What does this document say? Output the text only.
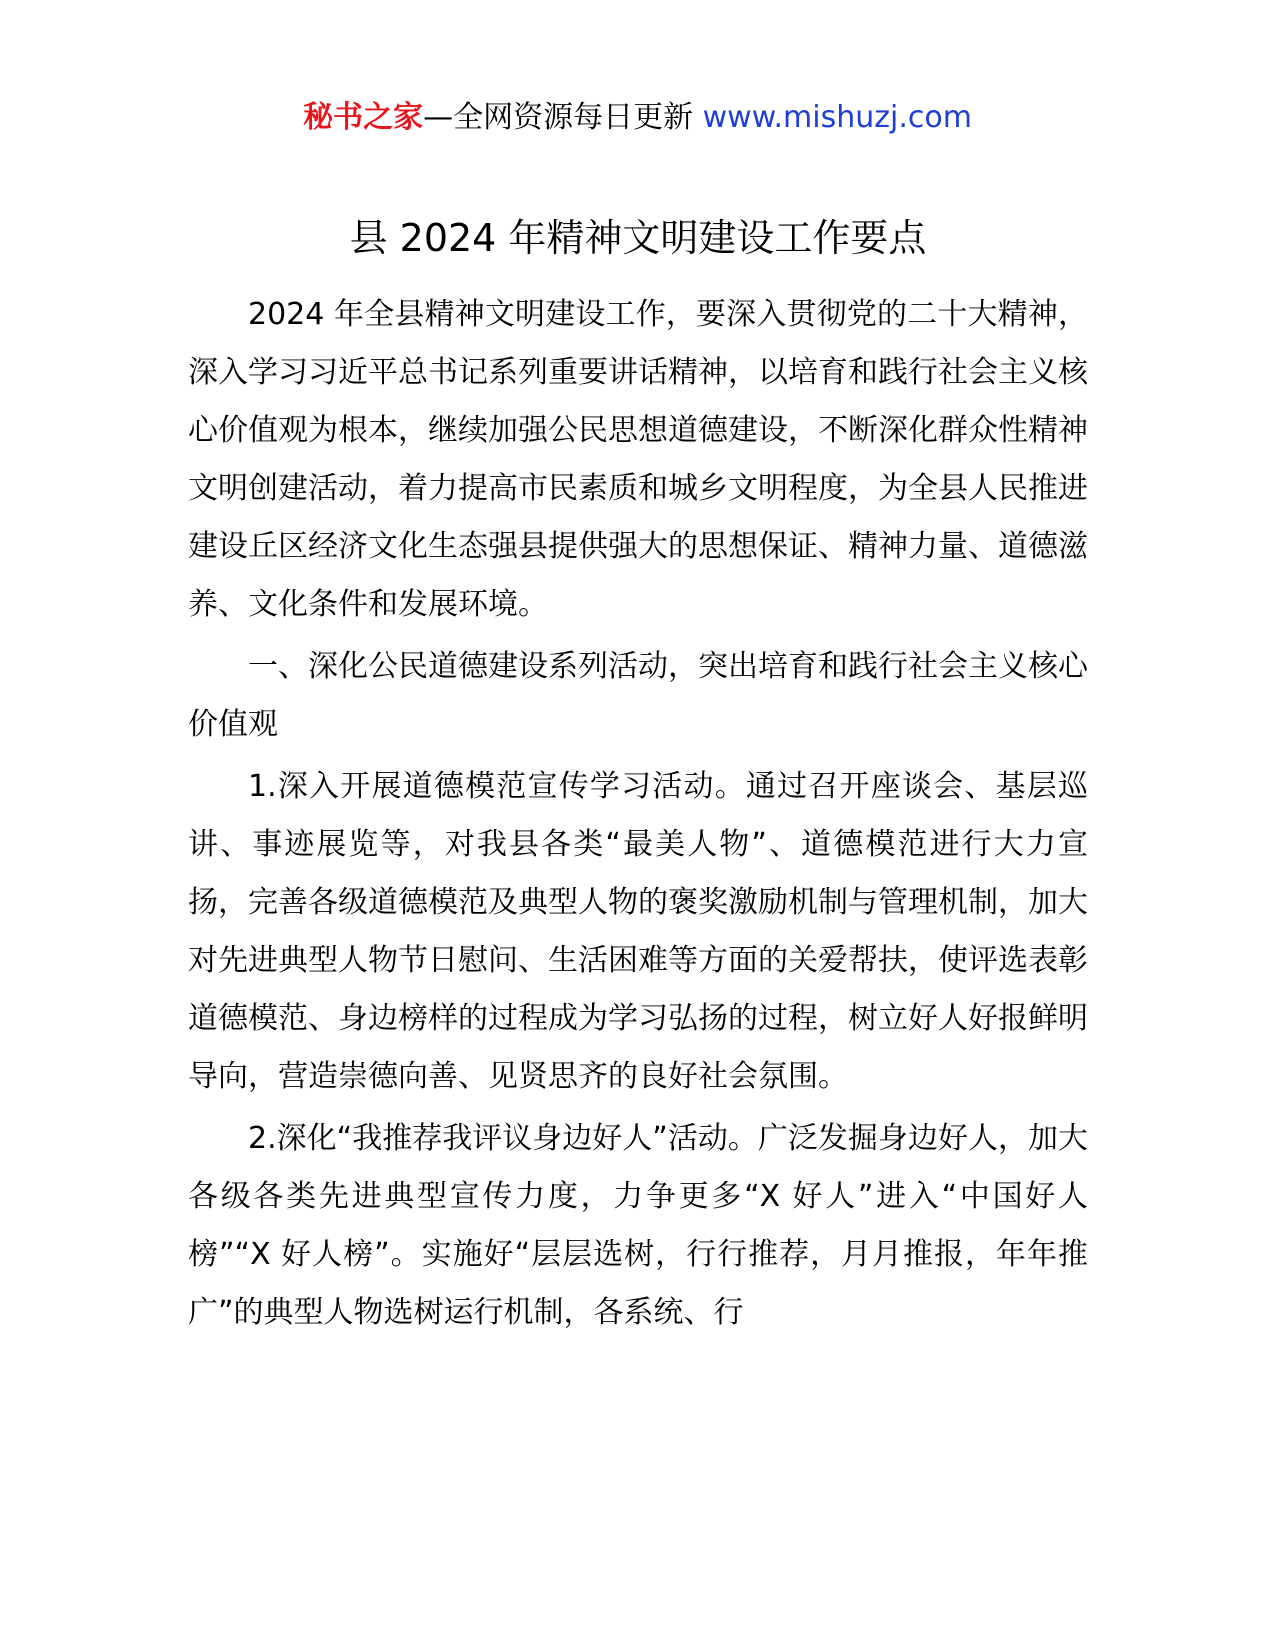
秘书之家—全网资源每日更新 www.mishuzj.com
县 2024 年精神文明建设工作要点

2024 年全县精神文明建设工作，要深入贯彻党的二十大精神，深入学习习近平总书记系列重要讲话精神，以培育和践行社会主义核心价值观为根本，继续加强公民思想道德建设，不断深化群众性精神文明创建活动，着力提高市民素质和城乡文明程度，为全县人民推进建设丘区经济文化生态强县提供强大的思想保证、精神力量、道德滋养、文化条件和发展环境。

一、深化公民道德建设系列活动，突出培育和践行社会主义核心价值观

1.深入开展道德模范宣传学习活动。通过召开座谈会、基层巡讲、事迹展览等，对我县各类“最美人物”、道德模范进行大力宣扬，完善各级道德模范及典型人物的褒奖激励机制与管理机制，加大对先进典型人物节日慰问、生活困难等方面的关爱帮扶，使评选表彰道德模范、身边榜样的过程成为学习弘扬的过程，树立好人好报鲜明导向，营造崇德向善、见贤思齐的良好社会氛围。

2.深化“我推荐我评议身边好人”活动。广泛发掘身边好人，加大各级各类先进典型宣传力度，力争更多“X 好人”进入“中国好人榜”“X 好人榜”。实施好“层层选树，行行推荐，月月推报，年年推广”的典型人物选树运行机制，各系统、行
